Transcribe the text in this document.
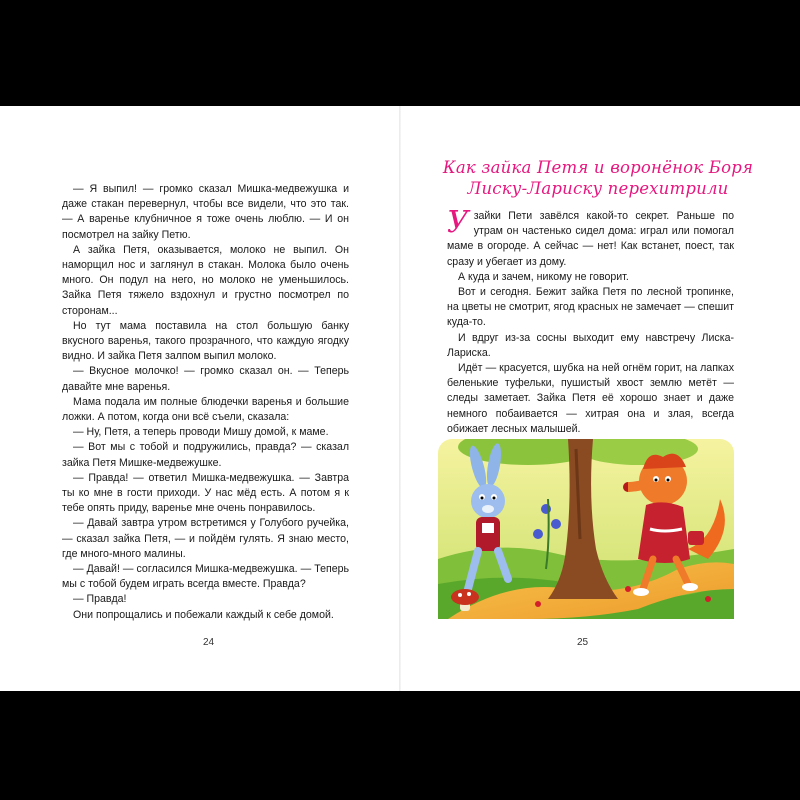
— Я выпил! — громко сказал Мишка-медвежушка и даже стакан перевернул, чтобы все видели, что это так. — А варенье клубничное я тоже очень люблю. — И он посмотрел на зайку Петю.

А зайка Петя, оказывается, молоко не выпил. Он наморщил нос и заглянул в стакан. Молока было очень много. Он подул на него, но молоко не уменьшилось. Зайка Петя тяжело вздохнул и грустно посмотрел по сторонам...

Но тут мама поставила на стол большую банку вкусного варенья, такого прозрачного, что каждую ягодку видно. И зайка Петя залпом выпил молоко.

— Вкусное молочко! — громко сказал он. — Теперь давайте мне варенья.

Мама подала им полные блюдечки варенья и большие ложки. А потом, когда они всё съели, сказала:

— Ну, Петя, а теперь проводи Мишу домой, к маме.

— Вот мы с тобой и подружились, правда? — сказал зайка Петя Мишке-медвежушке.

— Правда! — ответил Мишка-медвежушка. — Завтра ты ко мне в гости приходи. У нас мёд есть. А потом я к тебе опять приду, варенье мне очень понравилось.

— Давай завтра утром встретимся у Голубого ручейка, — сказал зайка Петя, — и пойдём гулять. Я знаю место, где много-много малины.

— Давай! — согласился Мишка-медвежушка. — Теперь мы с тобой будем играть всегда вместе. Правда?

— Правда!

Они попрощались и побежали каждый к себе домой.

24
Как зайка Петя и воронёнок Боря
Лиску-Лариску перехитрили

Узайки Пети завёлся какой-то секрет. Раньше по утрам он частенько сидел дома: играл или помогал маме в огороде. А сейчас — нет! Как встанет, поест, так сразу и убегает из дому.

А куда и зачем, никому не говорит.

Вот и сегодня. Бежит зайка Петя по лесной тропинке, на цветы не смотрит, ягод красных не замечает — спешит куда-то.

И вдруг из-за сосны выходит ему навстречу Лиска-Лариска.

Идёт — красуется, шубка на ней огнём горит, на лапках беленькие туфельки, пушистый хвост землю метёт — следы заметает. Зайка Петя её хорошо знает и даже немного побаивается — хитрая она и злая, всегда обижает лесных малышей.

25
